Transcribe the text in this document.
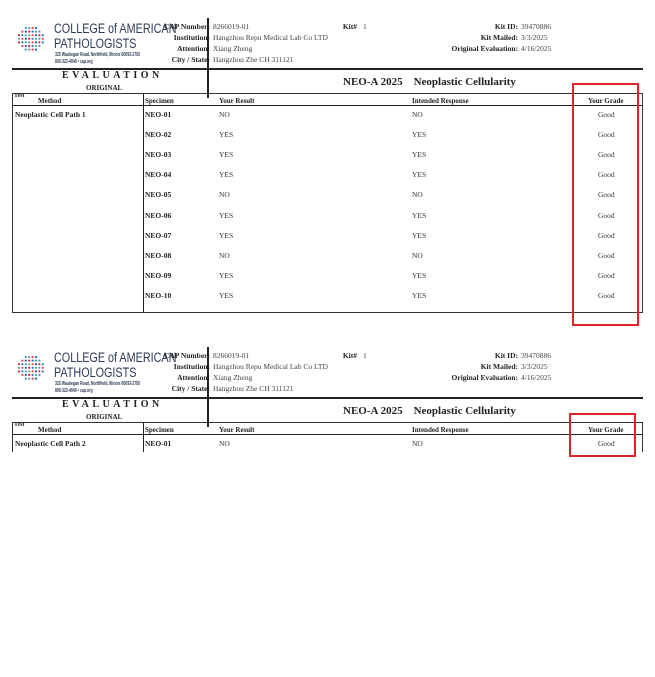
COLLEGE of AMERICAN
PATHOLOGISTS
325 Waukegan Road, Northfield, Illinois 60093-2750
800-323-4040 • cap.org
CAP Number: 8266019-01
Institution: Hangzhou Repu Medical Lab Co LTD
Attention: Xiang Zheng
City / State: Hangzhou Zhe CH 311121
Kit# 1	Kit ID: 39470886
Kit Mailed: 3/3/2025
Original Evaluation: 4/16/2025
EVALUATION
ORIGINAL	NEO-A 2025    Neoplastic Cellularity
Test
Method	Specimen	Your Result	Intended Response	Your Grade
Neoplastic Cell Path 1	NEO-01	NO	NO	Good
NEO-02	YES	YES	Good
NEO-03	YES	YES	Good
NEO-04	YES	YES	Good
NEO-05	NO	NO	Good
NEO-06	YES	YES	Good
NEO-07	YES	YES	Good
NEO-08	NO	NO	Good
NEO-09	YES	YES	Good
NEO-10	YES	YES	Good
COLLEGE of AMERICAN
PATHOLOGISTS
325 Waukegan Road, Northfield, Illinois 60093-2750
800-323-4040 • cap.org
CAP Number: 8266019-01
Institution: Hangzhou Repu Medical Lab Co LTD
Attention: Xiang Zheng
City / State: Hangzhou Zhe CH 311121
Kit# 1	Kit ID: 39470886
Kit Mailed: 3/3/2025
Original Evaluation: 4/16/2025
EVALUATION
ORIGINAL	NEO-A 2025    Neoplastic Cellularity
Test
Method	Specimen	Your Result	Intended Response	Your Grade
Neoplastic Cell Path 2	NEO-01	NO	NO	Good
